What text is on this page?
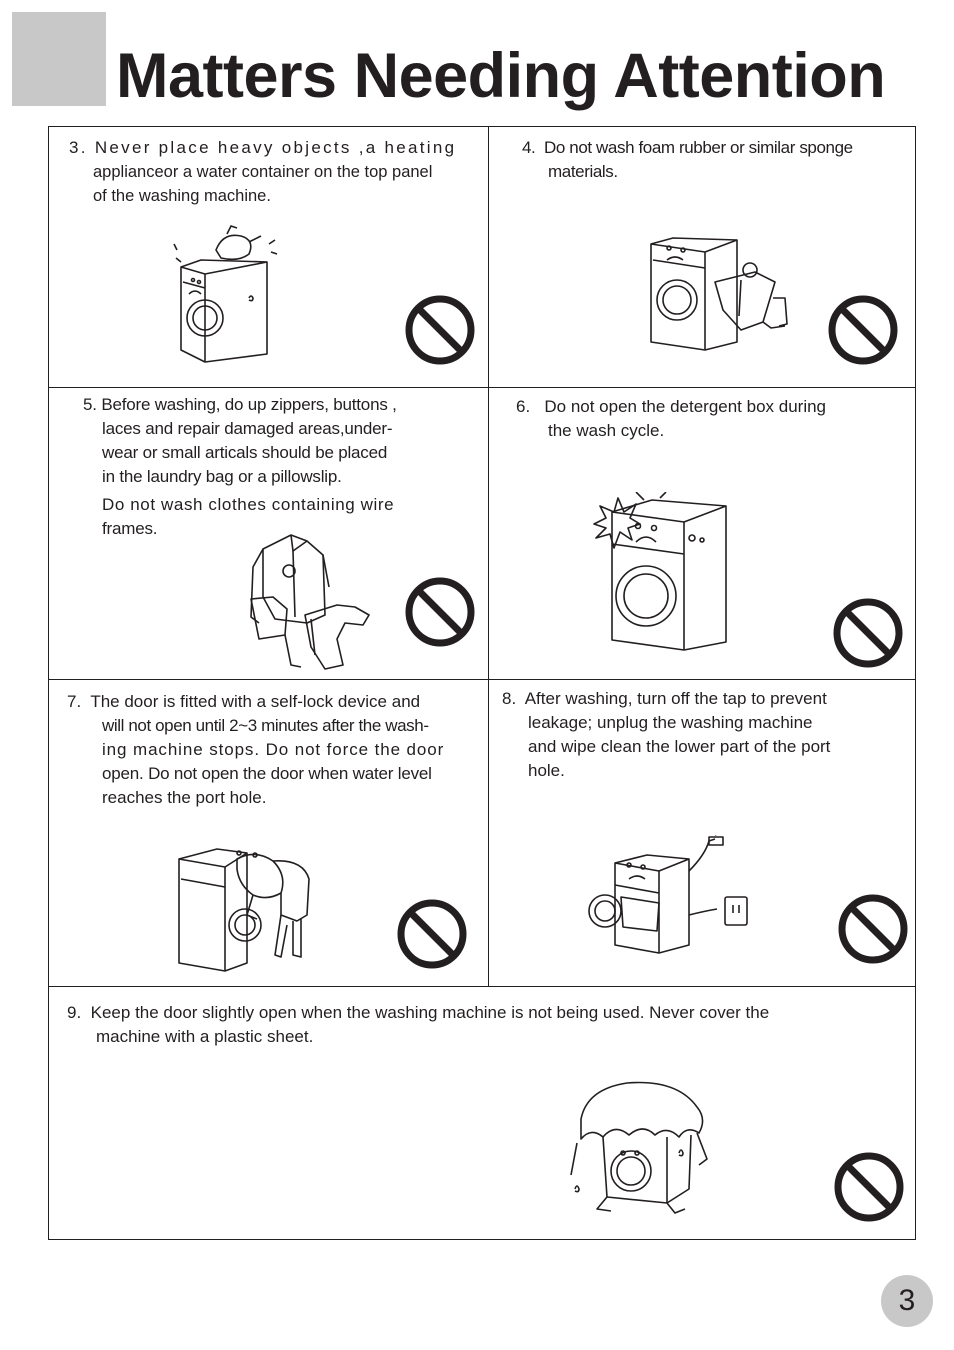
Matters Needing Attention

3. Never place heavy objects ,a heating

applianceor a water container on the top panel

of the washing machine.

4. Do not wash foam rubber or similar sponge

materials.

5. Before washing, do up zippers, buttons ,

laces and repair damaged areas,under-

wear or small articals should be placed

in the laundry bag or a pillowslip.

Do not wash clothes containing wire

frames.

6. Do not open the detergent box during

the wash cycle.

7. The door is fitted with a self-lock device and

will not open until 2~3 minutes after the wash-

ing machine stops. Do not force the door

open. Do not open the door when water level

reaches the port hole.

8. After washing, turn off the tap to prevent

leakage; unplug the washing machine

and wipe clean the lower part of the port

hole.

9. Keep the door slightly open when the washing machine is not being used. Never cover the

machine with a plastic sheet.

3
